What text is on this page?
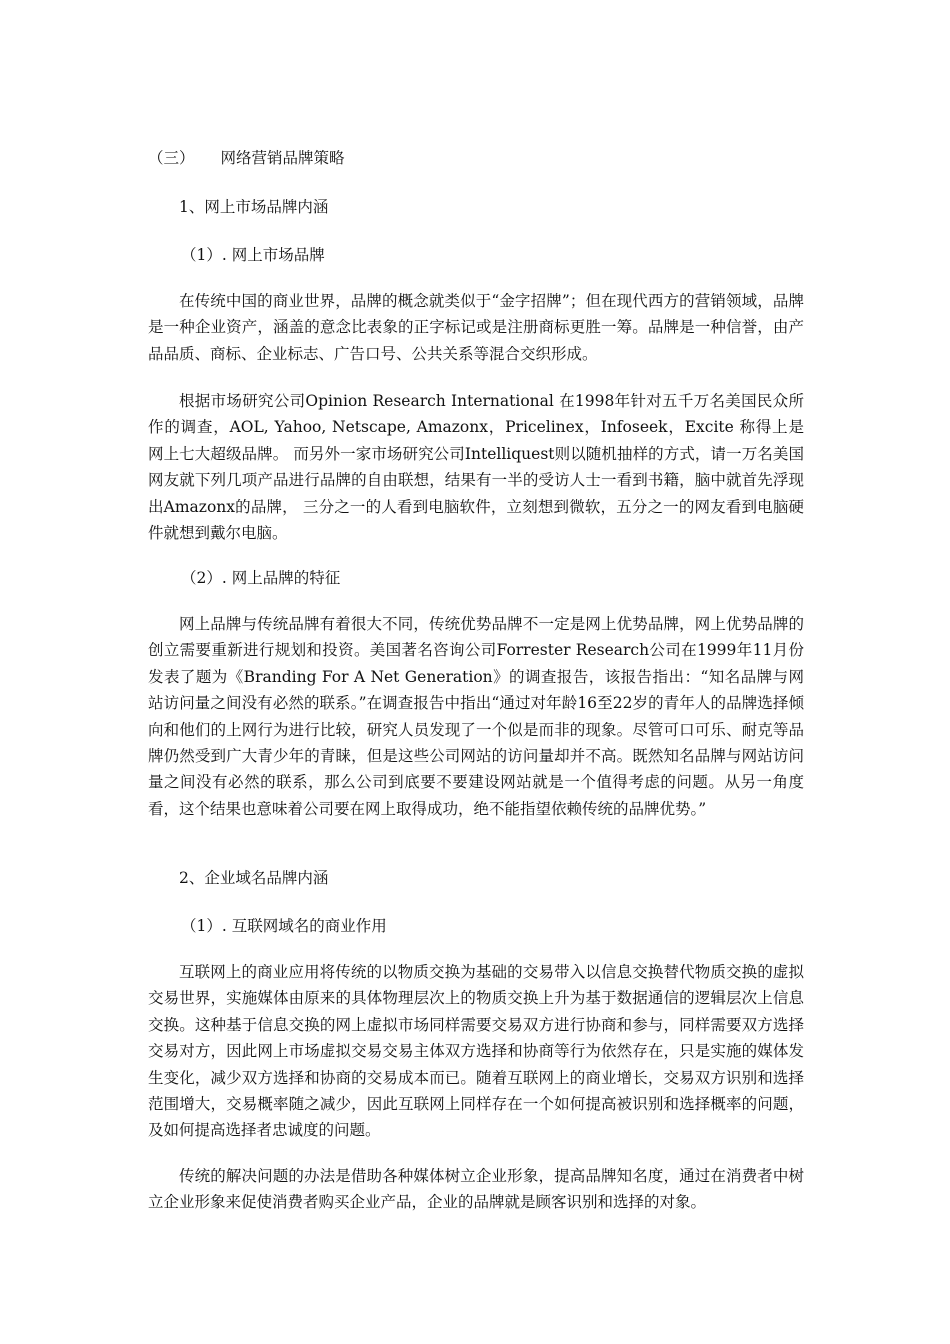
（三） 网络营销品牌策略

1、网上市场品牌内涵

（1）. 网上市场品牌

在传统中国的商业世界，品牌的概念就类似于“金字招牌”；但在现代西方的营销领域，品牌是一种企业资产，涵盖的意念比表象的正字标记或是注册商标更胜一筹。品牌是一种信誉，由产品品质、商标、企业标志、广告口号、公共关系等混合交织形成。

根据市场研究公司Opinion Research International 在1998年针对五千万名美国民众所作的调查，AOL, Yahoo, Netscape, Amazonx，Pricelinex，Infoseek，Excite 称得上是网上七大超级品牌。 而另外一家市场研究公司Intelliquest则以随机抽样的方式，请一万名美国网友就下列几项产品进行品牌的自由联想，结果有一半的受访人士一看到书籍，脑中就首先浮现出Amazonx的品牌， 三分之一的人看到电脑软件，立刻想到微软，五分之一的网友看到电脑硬件就想到戴尔电脑。

（2）. 网上品牌的特征

网上品牌与传统品牌有着很大不同，传统优势品牌不一定是网上优势品牌，网上优势品牌的创立需要重新进行规划和投资。美国著名咨询公司Forrester Research公司在1999年11月份发表了题为《Branding For A Net Generation》的调查报告，该报告指出：“知名品牌与网站访问量之间没有必然的联系。”在调查报告中指出“通过对年龄16至22岁的青年人的品牌选择倾向和他们的上网行为进行比较，研究人员发现了一个似是而非的现象。尽管可口可乐、耐克等品牌仍然受到广大青少年的青睐，但是这些公司网站的访问量却并不高。既然知名品牌与网站访问量之间没有必然的联系，那么公司到底要不要建设网站就是一个值得考虑的问题。从另一角度看，这个结果也意味着公司要在网上取得成功，绝不能指望依赖传统的品牌优势。”

2、企业域名品牌内涵

（1）. 互联网域名的商业作用

互联网上的商业应用将传统的以物质交换为基础的交易带入以信息交换替代物质交换的虚拟交易世界，实施媒体由原来的具体物理层次上的物质交换上升为基于数据通信的逻辑层次上信息交换。这种基于信息交换的网上虚拟市场同样需要交易双方进行协商和参与，同样需要双方选择交易对方，因此网上市场虚拟交易交易主体双方选择和协商等行为依然存在，只是实施的媒体发生变化，减少双方选择和协商的交易成本而已。随着互联网上的商业增长，交易双方识别和选择范围增大，交易概率随之减少，因此互联网上同样存在一个如何提高被识别和选择概率的问题，及如何提高选择者忠诚度的问题。

传统的解决问题的办法是借助各种媒体树立企业形象，提高品牌知名度，通过在消费者中树立企业形象来促使消费者购买企业产品，企业的品牌就是顾客识别和选择的对象。
